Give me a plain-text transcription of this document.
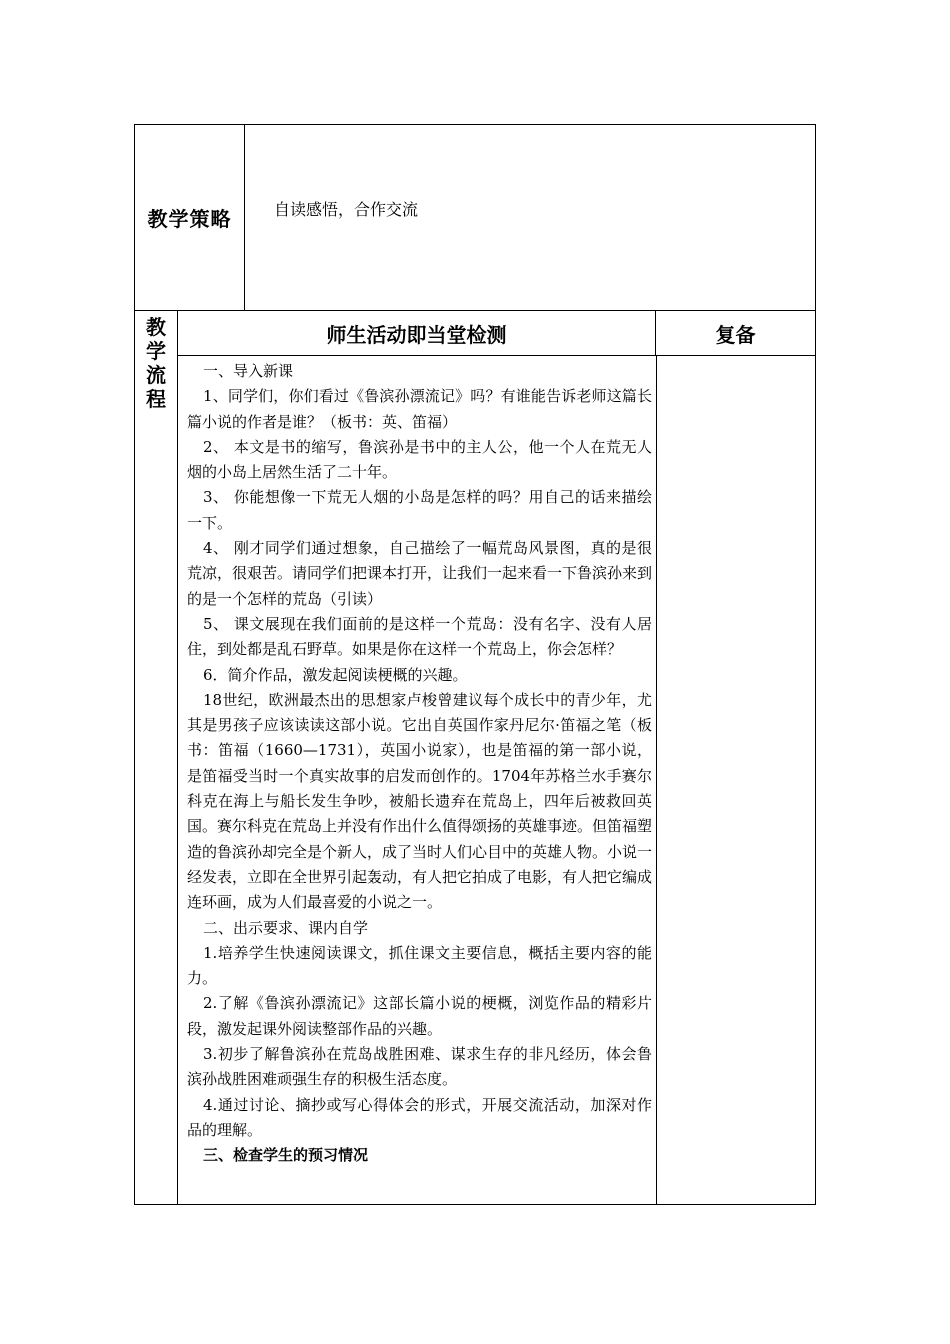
教学策略	自读感悟，合作交流
教
学
流
程
师生活动即当堂检测	复备

一、导入新课

1、同学们，你们看过《鲁滨孙漂流记》吗？有谁能告诉老师这篇长篇小说的作者是谁？（板书：英、笛福）

2、 本文是书的缩写，鲁滨孙是书中的主人公，他一个人在荒无人烟的小岛上居然生活了二十年。

3、 你能想像一下荒无人烟的小岛是怎样的吗？用自己的话来描绘一下。

4、 刚才同学们通过想象，自己描绘了一幅荒岛风景图，真的是很荒凉，很艰苦。请同学们把课本打开，让我们一起来看一下鲁滨孙来到的是一个怎样的荒岛（引读）

5、 课文展现在我们面前的是这样一个荒岛：没有名字、没有人居住，到处都是乱石野草。如果是你在这样一个荒岛上，你会怎样？

6．简介作品，激发起阅读梗概的兴趣。

18世纪，欧洲最杰出的思想家卢梭曾建议每个成长中的青少年，尤其是男孩子应该读读这部小说。它出自英国作家丹尼尔·笛福之笔（板书：笛福（1660—1731），英国小说家），也是笛福的第一部小说，是笛福受当时一个真实故事的启发而创作的。1704年苏格兰水手赛尔科克在海上与船长发生争吵，被船长遗弃在荒岛上，四年后被救回英国。赛尔科克在荒岛上并没有作出什么值得颂扬的英雄事迹。但笛福塑造的鲁滨孙却完全是个新人，成了当时人们心目中的英雄人物。小说一经发表，立即在全世界引起轰动，有人把它拍成了电影，有人把它编成连环画，成为人们最喜爱的小说之一。

二、出示要求、课内自学

1.培养学生快速阅读课文，抓住课文主要信息，概括主要内容的能力。

2.了解《鲁滨孙漂流记》这部长篇小说的梗概，浏览作品的精彩片段，激发起课外阅读整部作品的兴趣。

3.初步了解鲁滨孙在荒岛战胜困难、谋求生存的非凡经历，体会鲁滨孙战胜困难顽强生存的积极生活态度。

4.通过讨论、摘抄或写心得体会的形式，开展交流活动，加深对作品的理解。

三、检查学生的预习情况
